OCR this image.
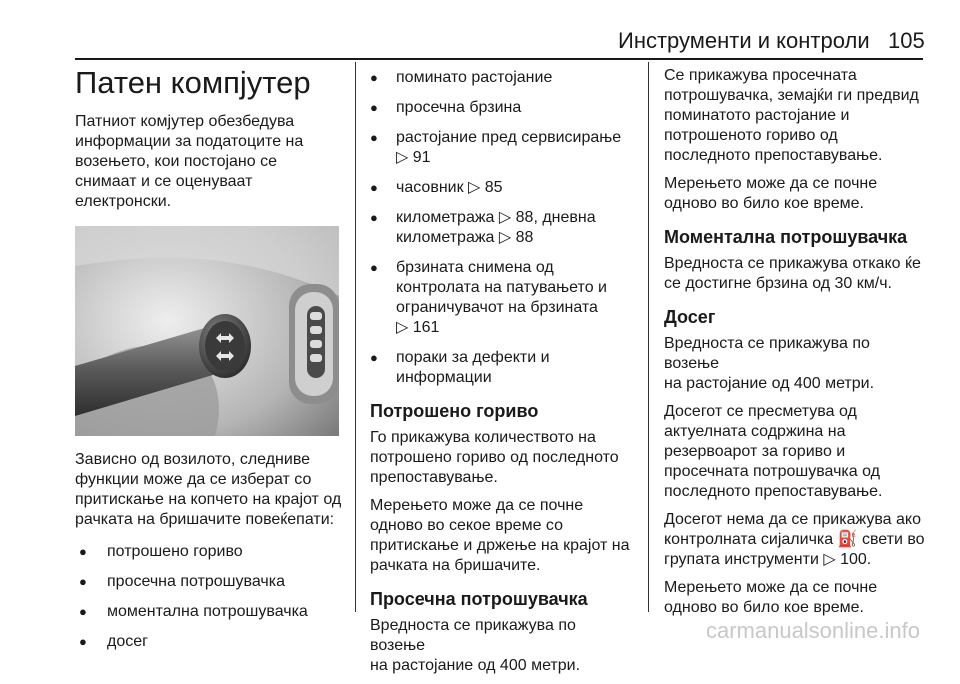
Инструменти и контроли 105
Патен компјутер

Патниот комјутер обезбедува
информации за податоците на
возењето, кои постојано се
снимаат и се оценуваат
електронски.

Зависно од возилото, следниве
функции може да се изберат со
притискање на копчето на крајот од
рачката на бришачите повеќепати:

● потрошено гориво
● просечна потрошувачка
● моментална потрошувачка
● досег
● поминато растојание
● просечна брзина
● растојание пред сервисирање
▷ 91
● часовник ▷ 85
● километража ▷ 88, дневна
километража ▷ 88
● брзината снимена од
контролата на патувањето и
ограничувачот на брзината
▷ 161
● пораки за дефекти и
информации
Потрошено гориво

Го прикажува количеството на
потрошено гориво од последното
препоставување.

Мерењето може да се почне
одново во секое време со
притискање и држење на крајот на
рачката на бришачите.

Просечна потрошувачка

Вредноста се прикажува по возење
на растојание од 400 метри.

Се прикажува просечната
потрошувачка, земајќи ги предвид
поминатото растојание и
потрошеното гориво од
последното препоставување.

Мерењето може да се почне
одново во било кое време.

Моментална потрошувачка

Вредноста се прикажува откако ќе
се достигне брзина од 30 км/ч.

Досег

Вредноста се прикажува по возење
на растојание од 400 метри.

Досегот се пресметува од
актуелната содржина на
резервоарот за гориво и
просечната потрошувачка од
последното препоставување.

Досегот нема да се прикажува ако
контролната сијаличка ⛽ свети во
групата инструменти ▷ 100.

Мерењето може да се почне
одново во било кое време.

carmanualsonline.info
